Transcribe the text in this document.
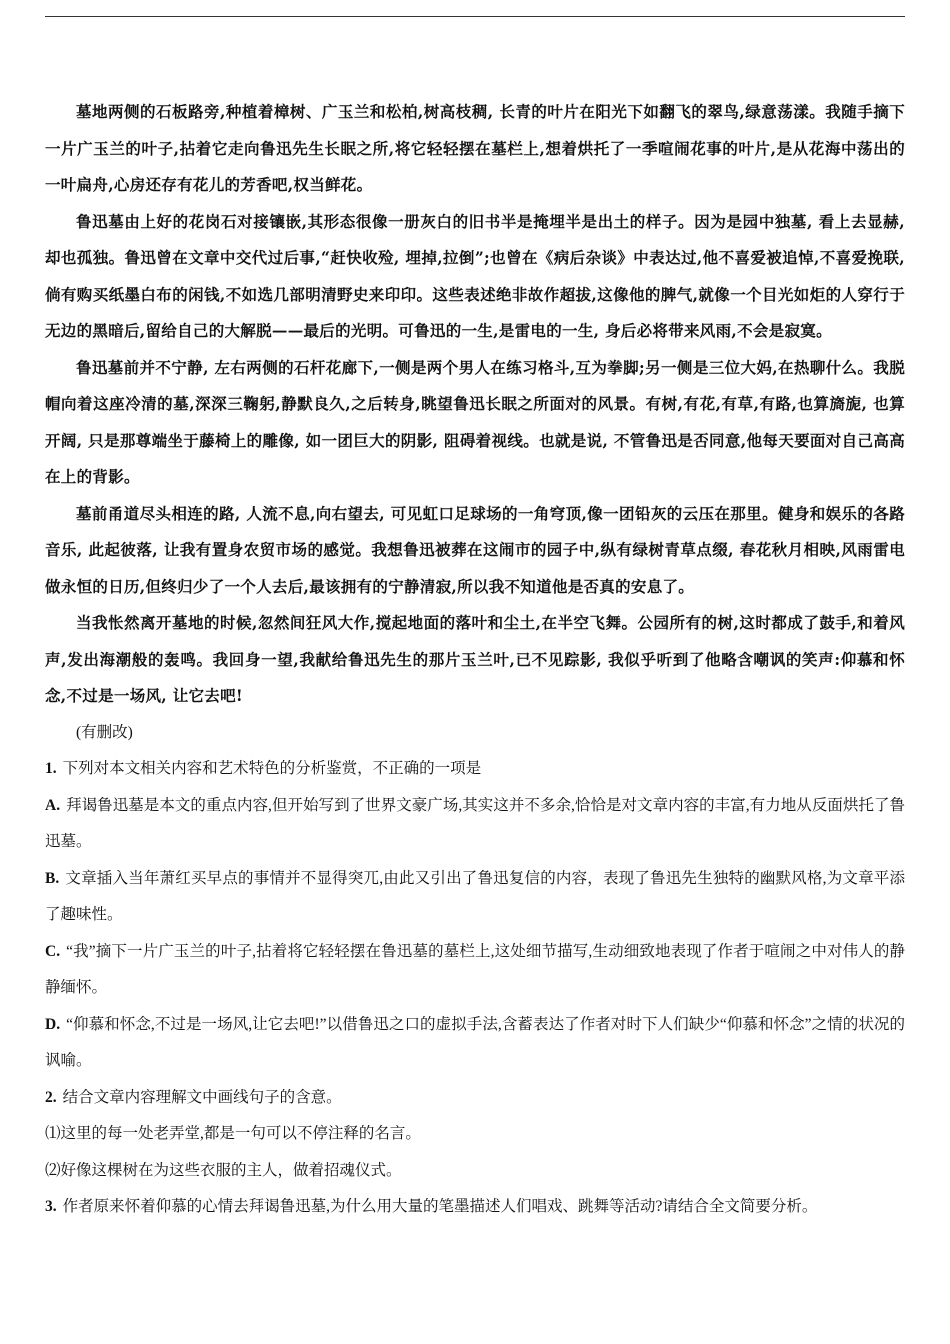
墓地两侧的石板路旁,种植着樟树、广玉兰和松柏,树高枝稠, 长青的叶片在阳光下如翻飞的翠鸟,绿意荡漾。我随手摘下一片广玉兰的叶子,拈着它走向鲁迅先生长眠之所,将它轻轻摆在墓栏上,想着烘托了一季喧闹花事的叶片,是从花海中荡出的一叶扁舟,心房还存有花儿的芳香吧,权当鲜花。

鲁迅墓由上好的花岗石对接镶嵌,其形态很像一册灰白的旧书半是掩埋半是出土的样子。因为是园中独墓, 看上去显赫, 却也孤独。鲁迅曾在文章中交代过后事,“赶快收殓, 埋掉,拉倒”;也曾在《病后杂谈》中表达过,他不喜爱被追悼,不喜爱挽联, 倘有购买纸墨白布的闲钱,不如选几部明清野史来印印。这些表述绝非故作超拔,这像他的脾气,就像一个目光如炬的人穿行于无边的黑暗后,留给自己的大解脱——最后的光明。可鲁迅的一生,是雷电的一生, 身后必将带来风雨,不会是寂寞。

鲁迅墓前并不宁静, 左右两侧的石杆花廊下,一侧是两个男人在练习格斗,互为拳脚;另一侧是三位大妈,在热聊什么。我脱帽向着这座冷清的墓,深深三鞠躬,静默良久,之后转身,眺望鲁迅长眠之所面对的风景。有树,有花,有草,有路,也算旖旎, 也算开阔, 只是那尊端坐于藤椅上的雕像, 如一团巨大的阴影, 阻碍着视线。也就是说, 不管鲁迅是否同意,他每天要面对自己高高在上的背影。

墓前甬道尽头相连的路, 人流不息,向右望去, 可见虹口足球场的一角穹顶,像一团铅灰的云压在那里。健身和娱乐的各路音乐, 此起彼落, 让我有置身农贸市场的感觉。我想鲁迅被葬在这闹市的园子中,纵有绿树青草点缀, 春花秋月相映,风雨雷电做永恒的日历,但终归少了一个人去后,最该拥有的宁静清寂,所以我不知道他是否真的安息了。

当我怅然离开墓地的时候,忽然间狂风大作,搅起地面的落叶和尘土,在半空飞舞。公园所有的树,这时都成了鼓手,和着风声,发出海潮般的轰鸣。我回身一望,我献给鲁迅先生的那片玉兰叶,已不见踪影, 我似乎听到了他略含嘲讽的笑声:仰慕和怀念,不过是一场风, 让它去吧!

(有删改)

1. 下列对本文相关内容和艺术特色的分析鉴赏，不正确的一项是

A. 拜谒鲁迅墓是本文的重点内容,但开始写到了世界文豪广场,其实这并不多余,恰恰是对文章内容的丰富,有力地从反面烘托了鲁迅墓。

B. 文章插入当年萧红买早点的事情并不显得突兀,由此又引出了鲁迅复信的内容，表现了鲁迅先生独特的幽默风格,为文章平添了趣味性。

C. “我”摘下一片广玉兰的叶子,拈着将它轻轻摆在鲁迅墓的墓栏上,这处细节描写,生动细致地表现了作者于喧闹之中对伟人的静静缅怀。

D. “仰慕和怀念,不过是一场风,让它去吧!”以借鲁迅之口的虚拟手法,含蓄表达了作者对时下人们缺少“仰慕和怀念”之情的状况的讽喻。

2. 结合文章内容理解文中画线句子的含意。

⑴这里的每一处老弄堂,都是一句可以不停注释的名言。

⑵好像这棵树在为这些衣服的主人，做着招魂仪式。

3. 作者原来怀着仰慕的心情去拜谒鲁迅墓,为什么用大量的笔墨描述人们唱戏、跳舞等活动?请结合全文简要分析。
